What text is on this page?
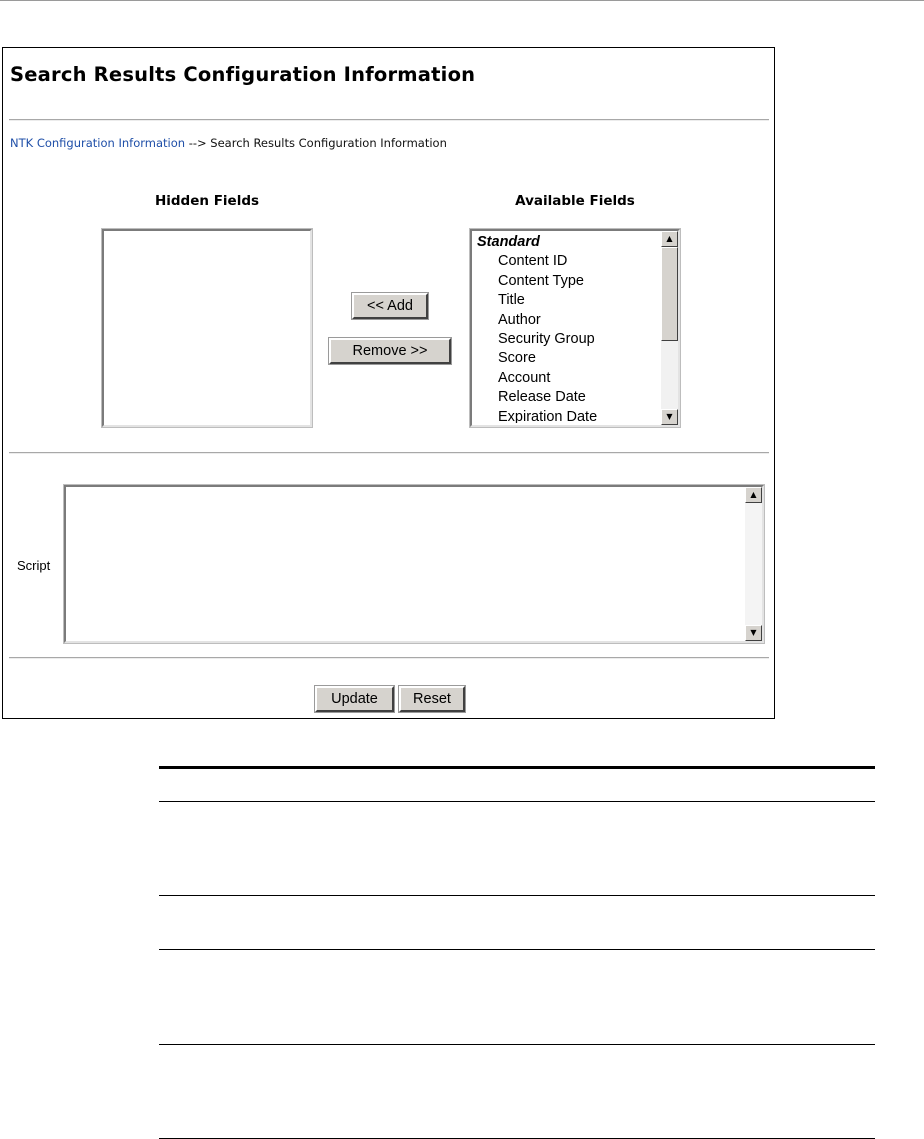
Search Results Configuration Information
NTK Configuration Information --> Search Results Configuration Information
Hidden Fields	Available Fields
<< Add
Remove >>
Standard
Content ID
Content Type
Title
Author
Security Group
Score
Account
Release Date
Expiration Date
▲
▼
Script
▲
▼
Update	Reset
